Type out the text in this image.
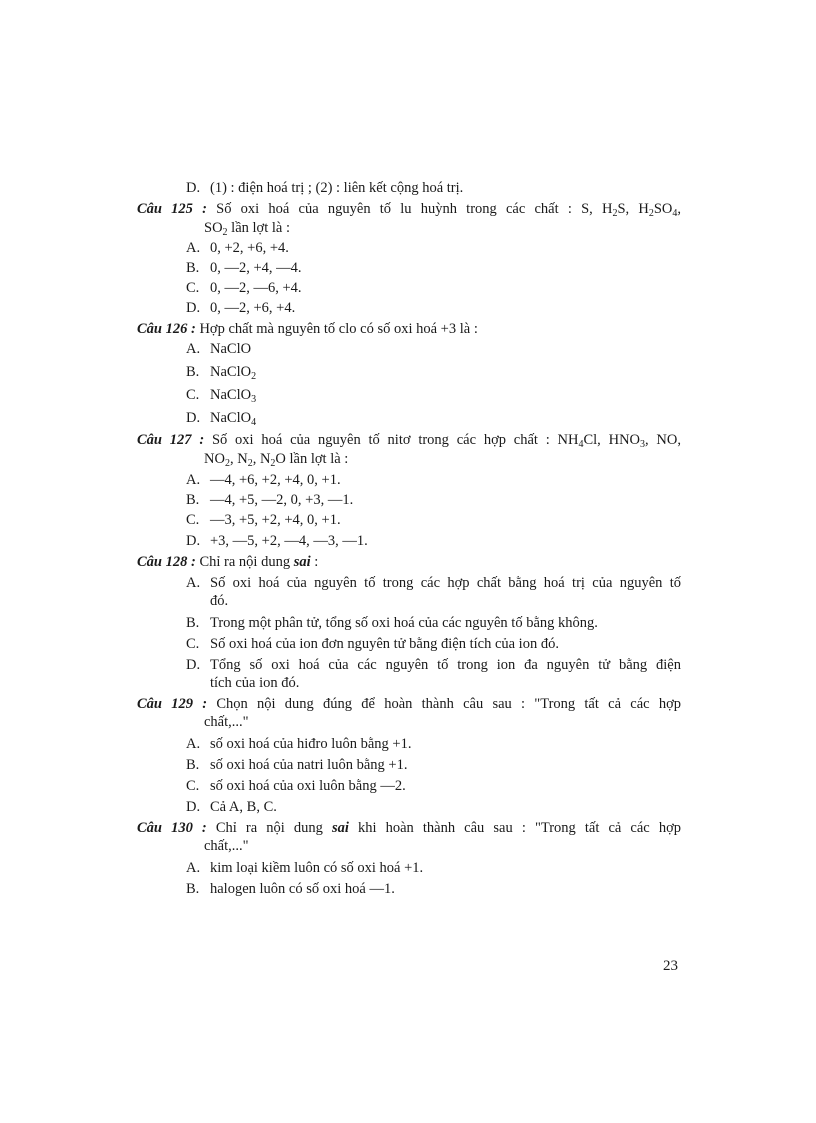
D. (1) : điện hoá trị ; (2) : liên kết cộng hoá trị.
Câu 125 : Số oxi hoá của nguyên tố lu huỳnh trong các chất : S, $H_2S$, $H_2SO_4$,
$SO_2$ lần lợt là :
A. 0, +2, +6, +4.
B. 0, —2, +4, —4.
C. 0, —2, —6, +4.
D. 0, —2, +6, +4.
Câu 126 : Hợp chất mà nguyên tố clo có số oxi hoá +3 là :
A. NaClO
B. NaClO$_2$
C. NaClO$_3$
D. NaClO$_4$
Câu 127 : Số oxi hoá của nguyên tố nitơ trong các hợp chất : $NH_4Cl$, $HNO_3$, NO,
$NO_2$, $N_2$, $N_2O$ lần lợt là :
A. —4, +6, +2, +4, 0, +1.
B. —4, +5, —2, 0, +3, —1.
C. —3, +5, +2, +4, 0, +1.
D. +3, —5, +2, —4, —3, —1.
Câu 128 : Chỉ ra nội dung sai :
A. Số oxi hoá của nguyên tố trong các hợp chất bằng hoá trị của nguyên tố
đó.
B. Trong một phân tử, tổng số oxi hoá của các nguyên tố bằng không.
C. Số oxi hoá của ion đơn nguyên tử bằng điện tích của ion đó.
D. Tổng số oxi hoá của các nguyên tố trong ion đa nguyên tử bằng điện
tích của ion đó.
Câu 129 : Chọn nội dung đúng để hoàn thành câu sau : "Trong tất cả các hợp
chất,..."
A. số oxi hoá của hiđro luôn bằng +1.
B. số oxi hoá của natri luôn bằng +1.
C. số oxi hoá của oxi luôn bằng —2.
D. Cả A, B, C.
Câu 130 : Chỉ ra nội dung sai khi hoàn thành câu sau : "Trong tất cả các hợp
chất,..."
A. kim loại kiềm luôn có số oxi hoá +1.
B. halogen luôn có số oxi hoá —1.
23
